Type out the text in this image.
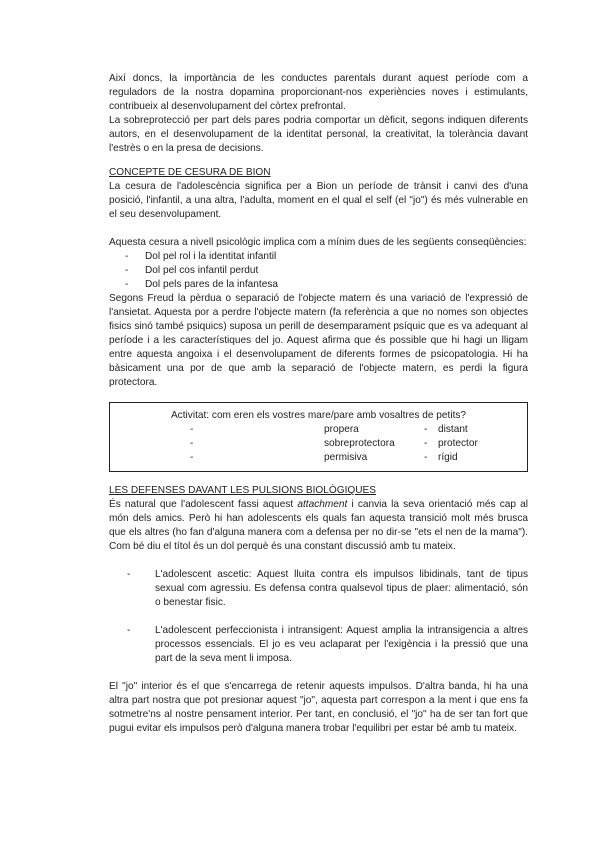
Així doncs, la importància de les conductes parentals durant aquest període com a reguladors de la nostra dopamina proporcionant-nos experiències noves i estimulants, contribueix al desenvolupament del còrtex prefrontal.

La sobreprotecció per part dels pares podria comportar un dèficit, segons indiquen diferents autors, en el desenvolupament de la identitat personal, la creativitat, la tolerància davant l'estrès o en la presa de decisions.

CONCEPTE DE CESURA DE BION

La cesura de l'adolescència significa per a Bion un període de trànsit i canvi des d'una posició, l'infantil, a una altra, l'adulta, moment en el qual el self (el "jo") és més vulnerable en el seu desenvolupament.

Aquesta cesura a nivell psicològic implica com a mínim dues de les següents conseqüències:

- Dol pel rol i la identitat infantil
- Dol pel cos infantil perdut
- Dol pels pares de la infantesa

Segons Freud la pèrdua o separació de l'objecte matern és una variació de l'expressió de l'ansietat. Aquesta por a perdre l'objecte matern (fa referència a que no nomes son objectes fisics sinó també psiquics) suposa un perill de desemparament psíquic que es va adequant al període i a les característiques del jo. Aquest afirma que és possible que hi hagi un lligam entre aquesta angoixa i el desenvolupament de diferents formes de psicopatologia. Hi ha bàsicament una por de que amb la separació de l'objecte matern, es perdi la figura protectora.

Activitat: com eren els vostres mare/pare amb vosaltres de petits?
-	propera	-	distant
-	sobreprotectora	-	protector
-	permisiva	-	rígid
LES DEFENSES DAVANT LES PULSIONS BIOLÒGIQUES

És natural que l'adolescent fassi aquest attachment i canvia la seva orientació més cap al món dels amics. Però hi han adolescents els quals fan aquesta transició molt més brusca que els altres (ho fan d'alguna manera com a defensa per no dir-se "ets el nen de la mama"). Com bé diu el títol és un dol perquè és una constant discussió amb tu mateix.

- L'adolescent ascetic: Aquest lluita contra els impulsos libidinals, tant de tipus sexual com agressiu. Es defensa contra qualsevol tipus de plaer: alimentació, són o benestar fisic.
- L'adolescent perfeccionista i intransigent: Aquest amplia la intransigencia a altres processos essencials. El jo es veu aclaparat per l'exigència i la pressió que una part de la seva ment li imposa.

El "jo" interior és el que s'encarrega de retenir aquests impulsos. D'altra banda, hi ha una altra part nostra que pot presionar aquest "jo", aquesta part correspon a la ment i que ens fa sotmetre'ns al nostre pensament interior. Per tant, en conclusió, el "jo" ha de ser tan fort que pugui evitar els impulsos però d'alguna manera trobar l'equilibri per estar bé amb tu mateix.
